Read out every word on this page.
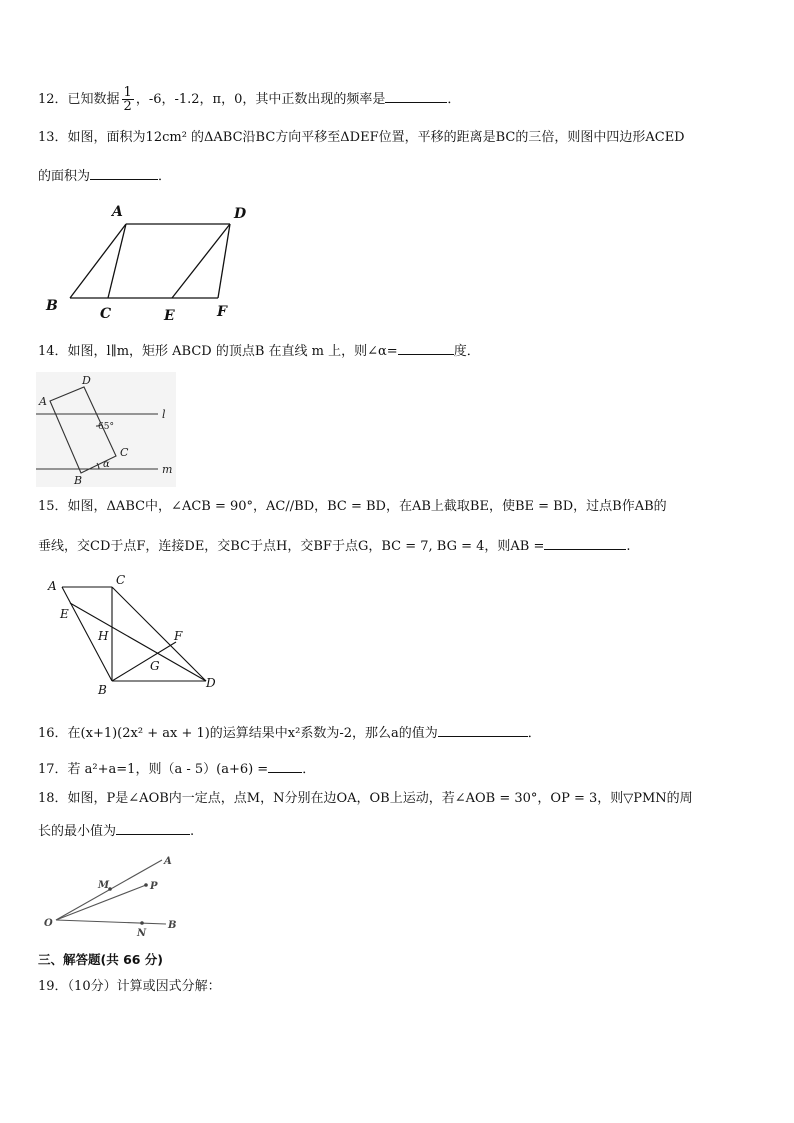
12．已知数据 $\frac{1}{2}$ ，-6，-1.2，π，0，其中正数出现的频率是	．
13．如图，面积为12cm² 的ΔABC沿BC方向平移至ΔDEF位置，平移的距离是BC的三倍，则图中四边形ACED
的面积为	．
A	D
B	C	E	F
14．如图，l∥m，矩形 ABCD 的顶点B 在直线 m 上，则∠α=	度．
A
D
C
B
l
m
α
65°
15．如图，ΔABC中，∠ACB = 90°，AC//BD，BC = BD，在AB上截取BE，使BE = BD，过点B作AB的
垂线，交CD于点F，连接DE，交BC于点H，交BF于点G，BC = 7, BG = 4，则AB =	.
A	C
E
H	F
G
B	D
16．在(x+1)(2x² + ax + 1)的运算结果中x²系数为-2，那么a的值为	．
17．若 a²+a=1，则（a - 5）(a+6) =	．
18．如图，P是∠AOB内一定点，点M，N分别在边OA，OB上运动，若∠AOB = 30°，OP = 3，则▽PMN的周
长的最小值为	.
A
M	P
O
N
B
三、解答题(共 66 分)
19．（10分）计算或因式分解：
